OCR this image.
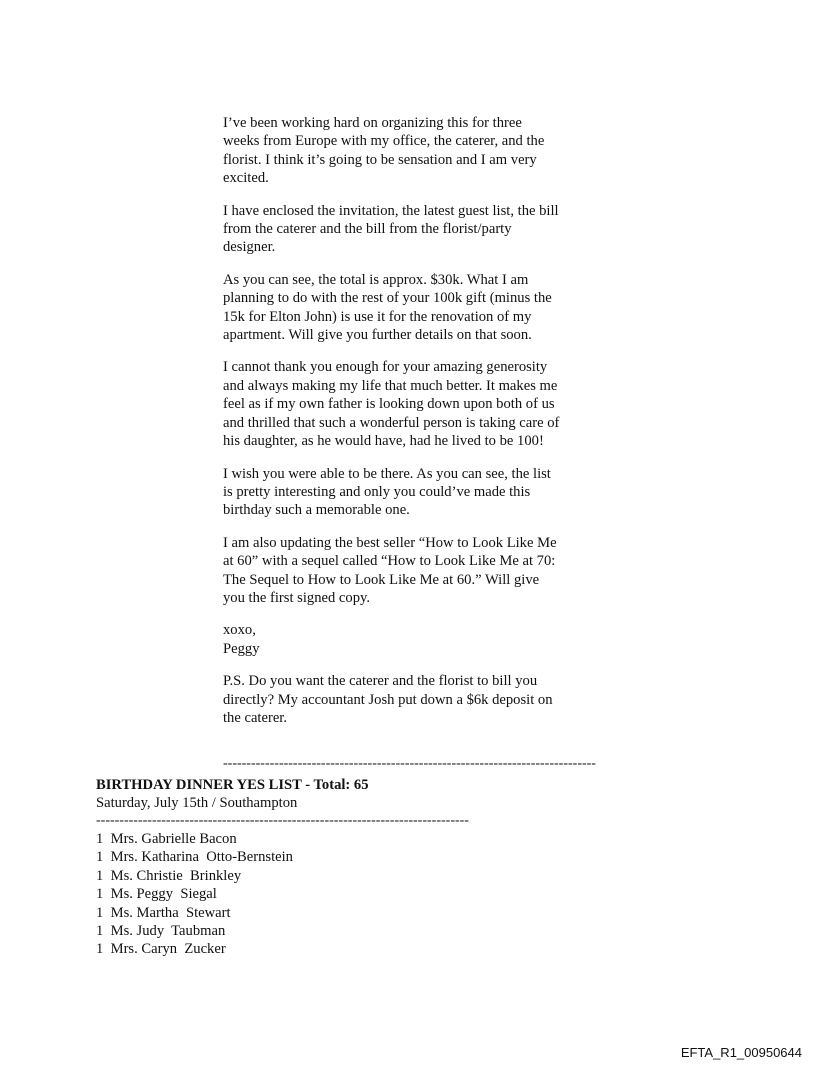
I’ve been working hard on organizing this for three
weeks from Europe with my office, the caterer, and the
florist. I think it’s going to be sensation and I am very
excited.

I have enclosed the invitation, the latest guest list, the bill
from the caterer and the bill from the florist/party
designer.

As you can see, the total is approx. $30k. What I am
planning to do with the rest of your 100k gift (minus the
15k for Elton John) is use it for the renovation of my
apartment. Will give you further details on that soon.

I cannot thank you enough for your amazing generosity
and always making my life that much better. It makes me
feel as if my own father is looking down upon both of us
and thrilled that such a wonderful person is taking care of
his daughter, as he would have, had he lived to be 100!

I wish you were able to be there. As you can see, the list
is pretty interesting and only you could’ve made this
birthday such a memorable one.

I am also updating the best seller “How to Look Like Me
at 60” with a sequel called “How to Look Like Me at 70:
The Sequel to How to Look Like Me at 60.” Will give
you the first signed copy.

xoxo,
Peggy

P.S. Do you want the caterer and the florist to bill you
directly? My accountant Josh put down a $6k deposit on
the caterer.

--------------------------------------------------------------------------------
BIRTHDAY DINNER YES LIST - Total: 65
Saturday, July 15th / Southampton
--------------------------------------------------------------------------------
1  Mrs. Gabrielle Bacon
1  Mrs. Katharina  Otto-Bernstein
1  Ms. Christie  Brinkley
1  Ms. Peggy  Siegal
1  Ms. Martha  Stewart
1  Ms. Judy  Taubman
1  Mrs. Caryn  Zucker
EFTA_R1_00950644
